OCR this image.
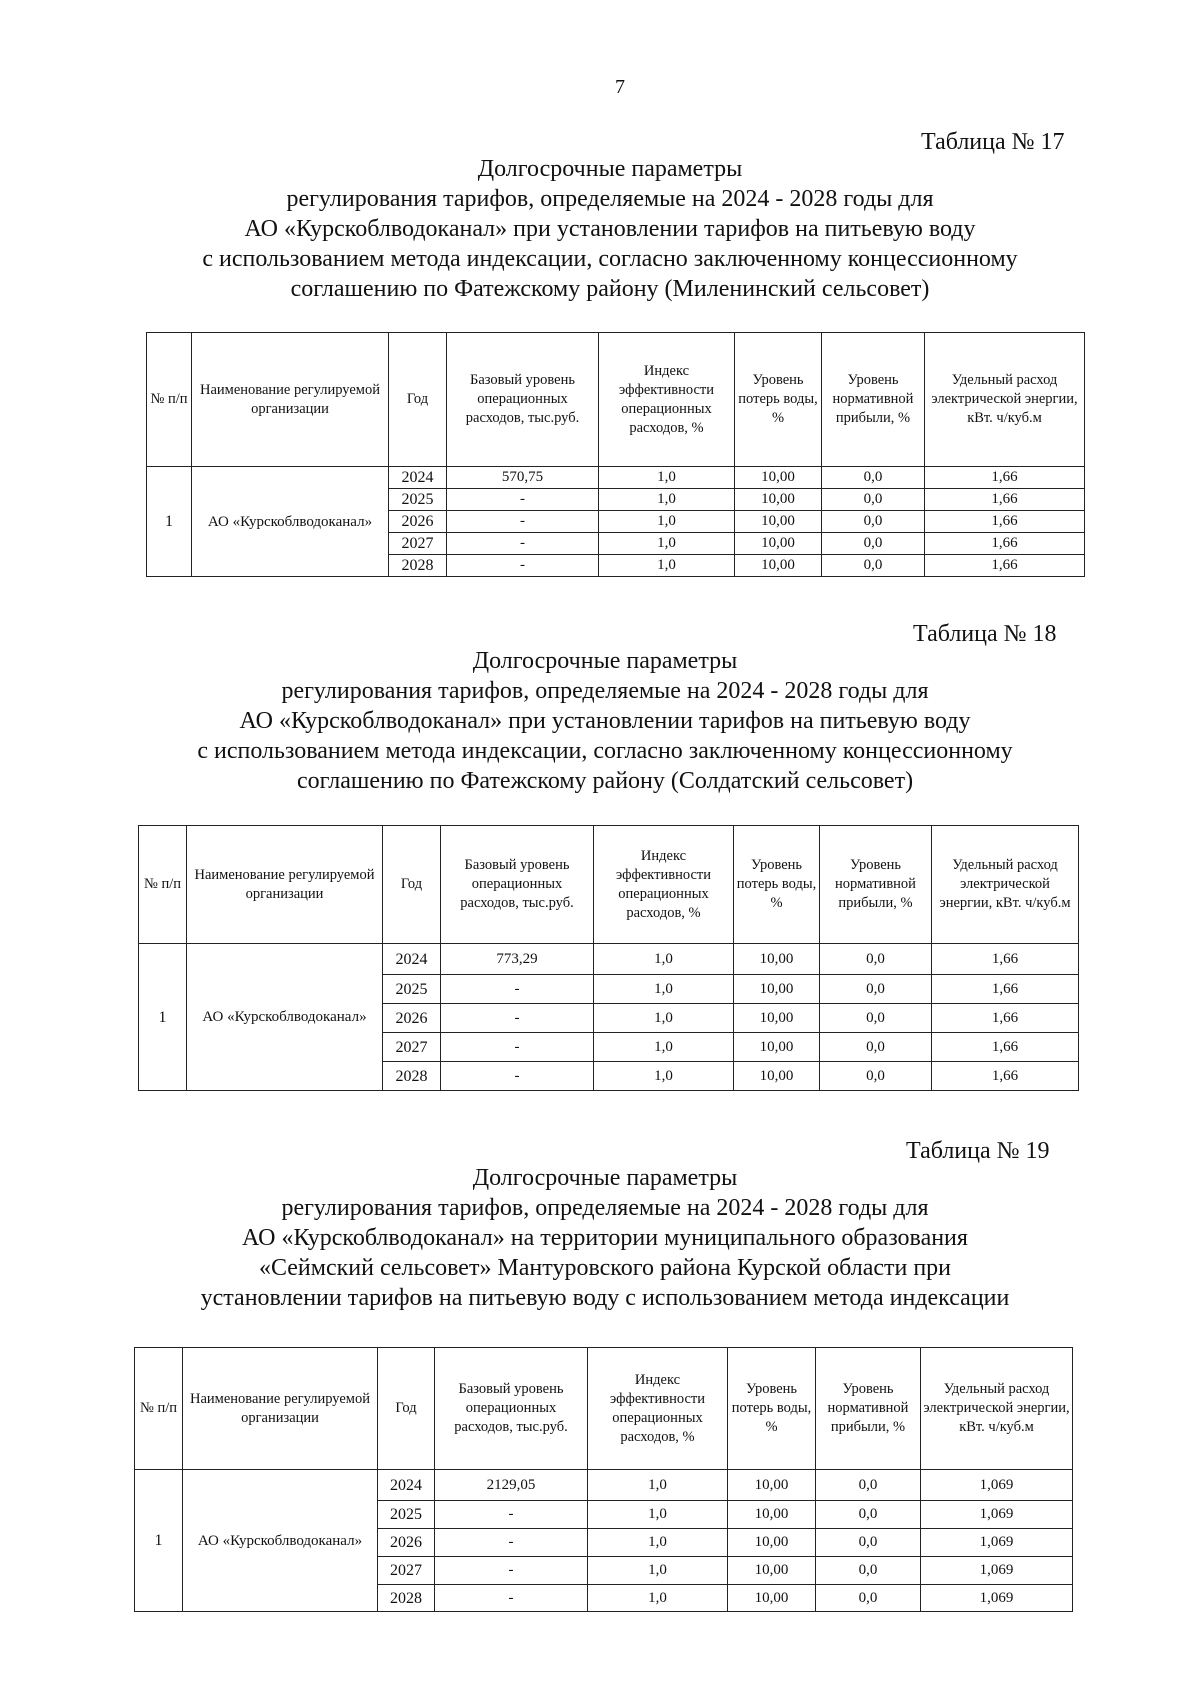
7
Таблица № 17
Долгосрочные параметры
регулирования тарифов, определяемые на 2024 - 2028 годы для
АО «Курскоблводоканал» при установлении тарифов на питьевую воду
с использованием метода индексации, согласно заключенному концессионному
соглашению по Фатежскому району (Миленинский сельсовет)
№ п/п	Наименование регулируемой организации	Год	Базовый уровень операционных расходов, тыс.руб.	Индекс эффективности операционных расходов, %	Уровень потерь воды, %	Уровень нормативной прибыли, %	Удельный расход электрической энергии, кВт. ч/куб.м
1	АО «Курскоблводоканал»	2024	570,75	1,0	10,00	0,0	1,66
		2025	-	1,0	10,00	0,0	1,66
		2026	-	1,0	10,00	0,0	1,66
		2027	-	1,0	10,00	0,0	1,66
		2028	-	1,0	10,00	0,0	1,66
Таблица № 18
Долгосрочные параметры
регулирования тарифов, определяемые на 2024 - 2028 годы для
АО «Курскоблводоканал» при установлении тарифов на питьевую воду
с использованием метода индексации, согласно заключенному концессионному
соглашению по Фатежскому району (Солдатский сельсовет)
№ п/п	Наименование регулируемой организации	Год	Базовый уровень операционных расходов, тыс.руб.	Индекс эффективности операционных расходов, %	Уровень потерь воды, %	Уровень нормативной прибыли, %	Удельный расход электрической энергии, кВт. ч/куб.м
1	АО «Курскоблводоканал»	2024	773,29	1,0	10,00	0,0	1,66
		2025	-	1,0	10,00	0,0	1,66
		2026	-	1,0	10,00	0,0	1,66
		2027	-	1,0	10,00	0,0	1,66
		2028	-	1,0	10,00	0,0	1,66
Таблица № 19
Долгосрочные параметры
регулирования тарифов, определяемые на 2024 - 2028 годы для
АО «Курскоблводоканал» на территории муниципального образования
«Сеймский сельсовет» Мантуровского района Курской области при
установлении тарифов на питьевую воду с использованием метода индексации
№ п/п	Наименование регулируемой организации	Год	Базовый уровень операционных расходов, тыс.руб.	Индекс эффективности операционных расходов, %	Уровень потерь воды, %	Уровень нормативной прибыли, %	Удельный расход электрической энергии, кВт. ч/куб.м
1	АО «Курскоблводоканал»	2024	2129,05	1,0	10,00	0,0	1,069
		2025	-	1,0	10,00	0,0	1,069
		2026	-	1,0	10,00	0,0	1,069
		2027	-	1,0	10,00	0,0	1,069
		2028	-	1,0	10,00	0,0	1,069
